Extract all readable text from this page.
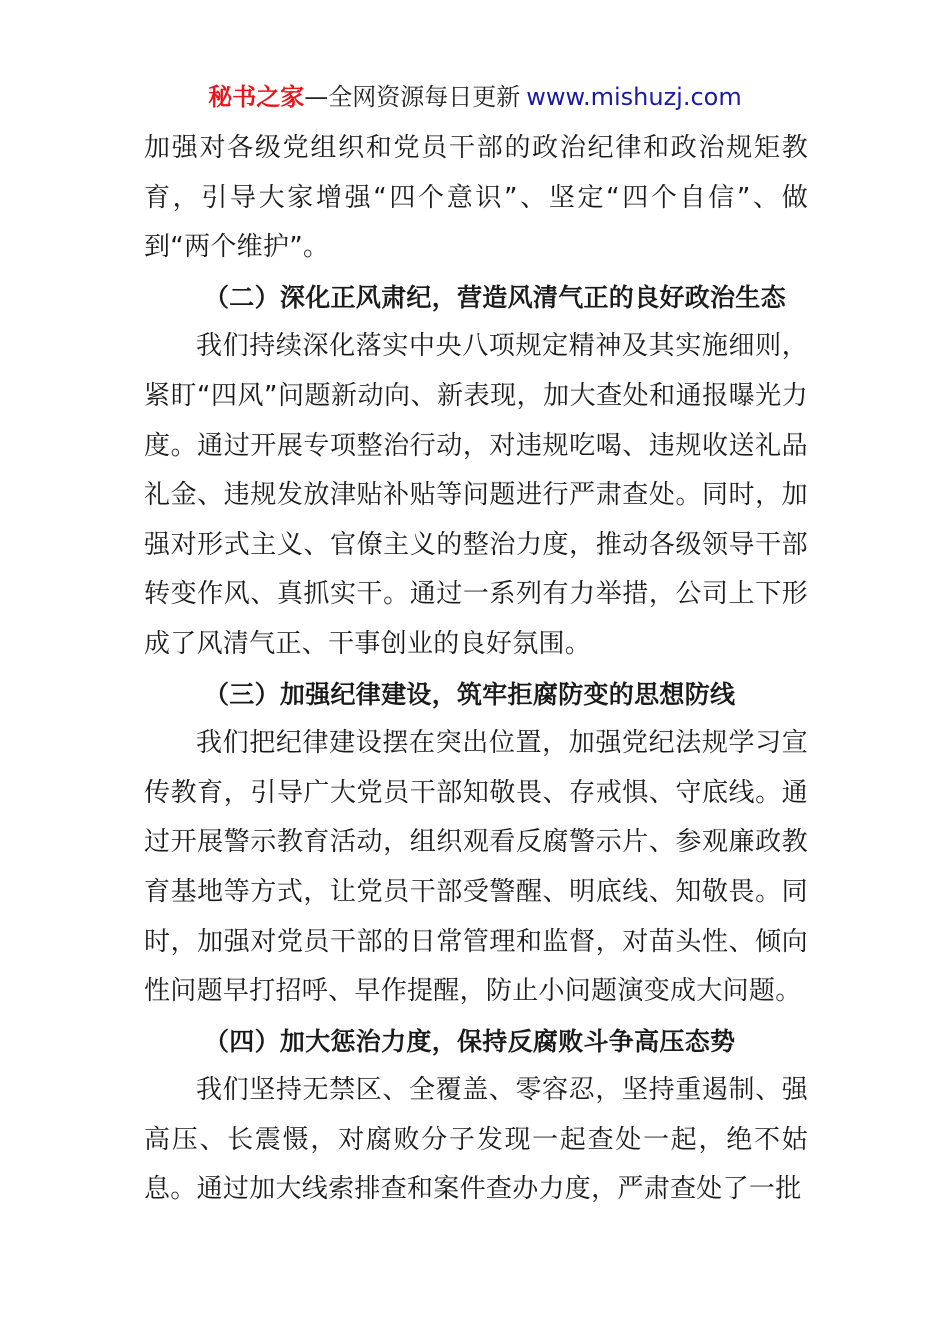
秘书之家—全网资源每日更新 www.mishuzj.com

加强对各级党组织和党员干部的政治纪律和政治规矩教育，引导大家增强“四个意识”、坚定“四个自信”、做到“两个维护”。

（二）深化正风肃纪，营造风清气正的良好政治生态

我们持续深化落实中央八项规定精神及其实施细则，紧盯“四风”问题新动向、新表现，加大查处和通报曝光力度。通过开展专项整治行动，对违规吃喝、违规收送礼品礼金、违规发放津贴补贴等问题进行严肃查处。同时，加强对形式主义、官僚主义的整治力度，推动各级领导干部转变作风、真抓实干。通过一系列有力举措，公司上下形成了风清气正、干事创业的良好氛围。

（三）加强纪律建设，筑牢拒腐防变的思想防线

我们把纪律建设摆在突出位置，加强党纪法规学习宣传教育，引导广大党员干部知敬畏、存戒惧、守底线。通过开展警示教育活动，组织观看反腐警示片、参观廉政教育基地等方式，让党员干部受警醒、明底线、知敬畏。同时，加强对党员干部的日常管理和监督，对苗头性、倾向性问题早打招呼、早作提醒，防止小问题演变成大问题。

（四）加大惩治力度，保持反腐败斗争高压态势

我们坚持无禁区、全覆盖、零容忍，坚持重遏制、强高压、长震慑，对腐败分子发现一起查处一起，绝不姑息。通过加大线索排查和案件查办力度，严肃查处了一批
